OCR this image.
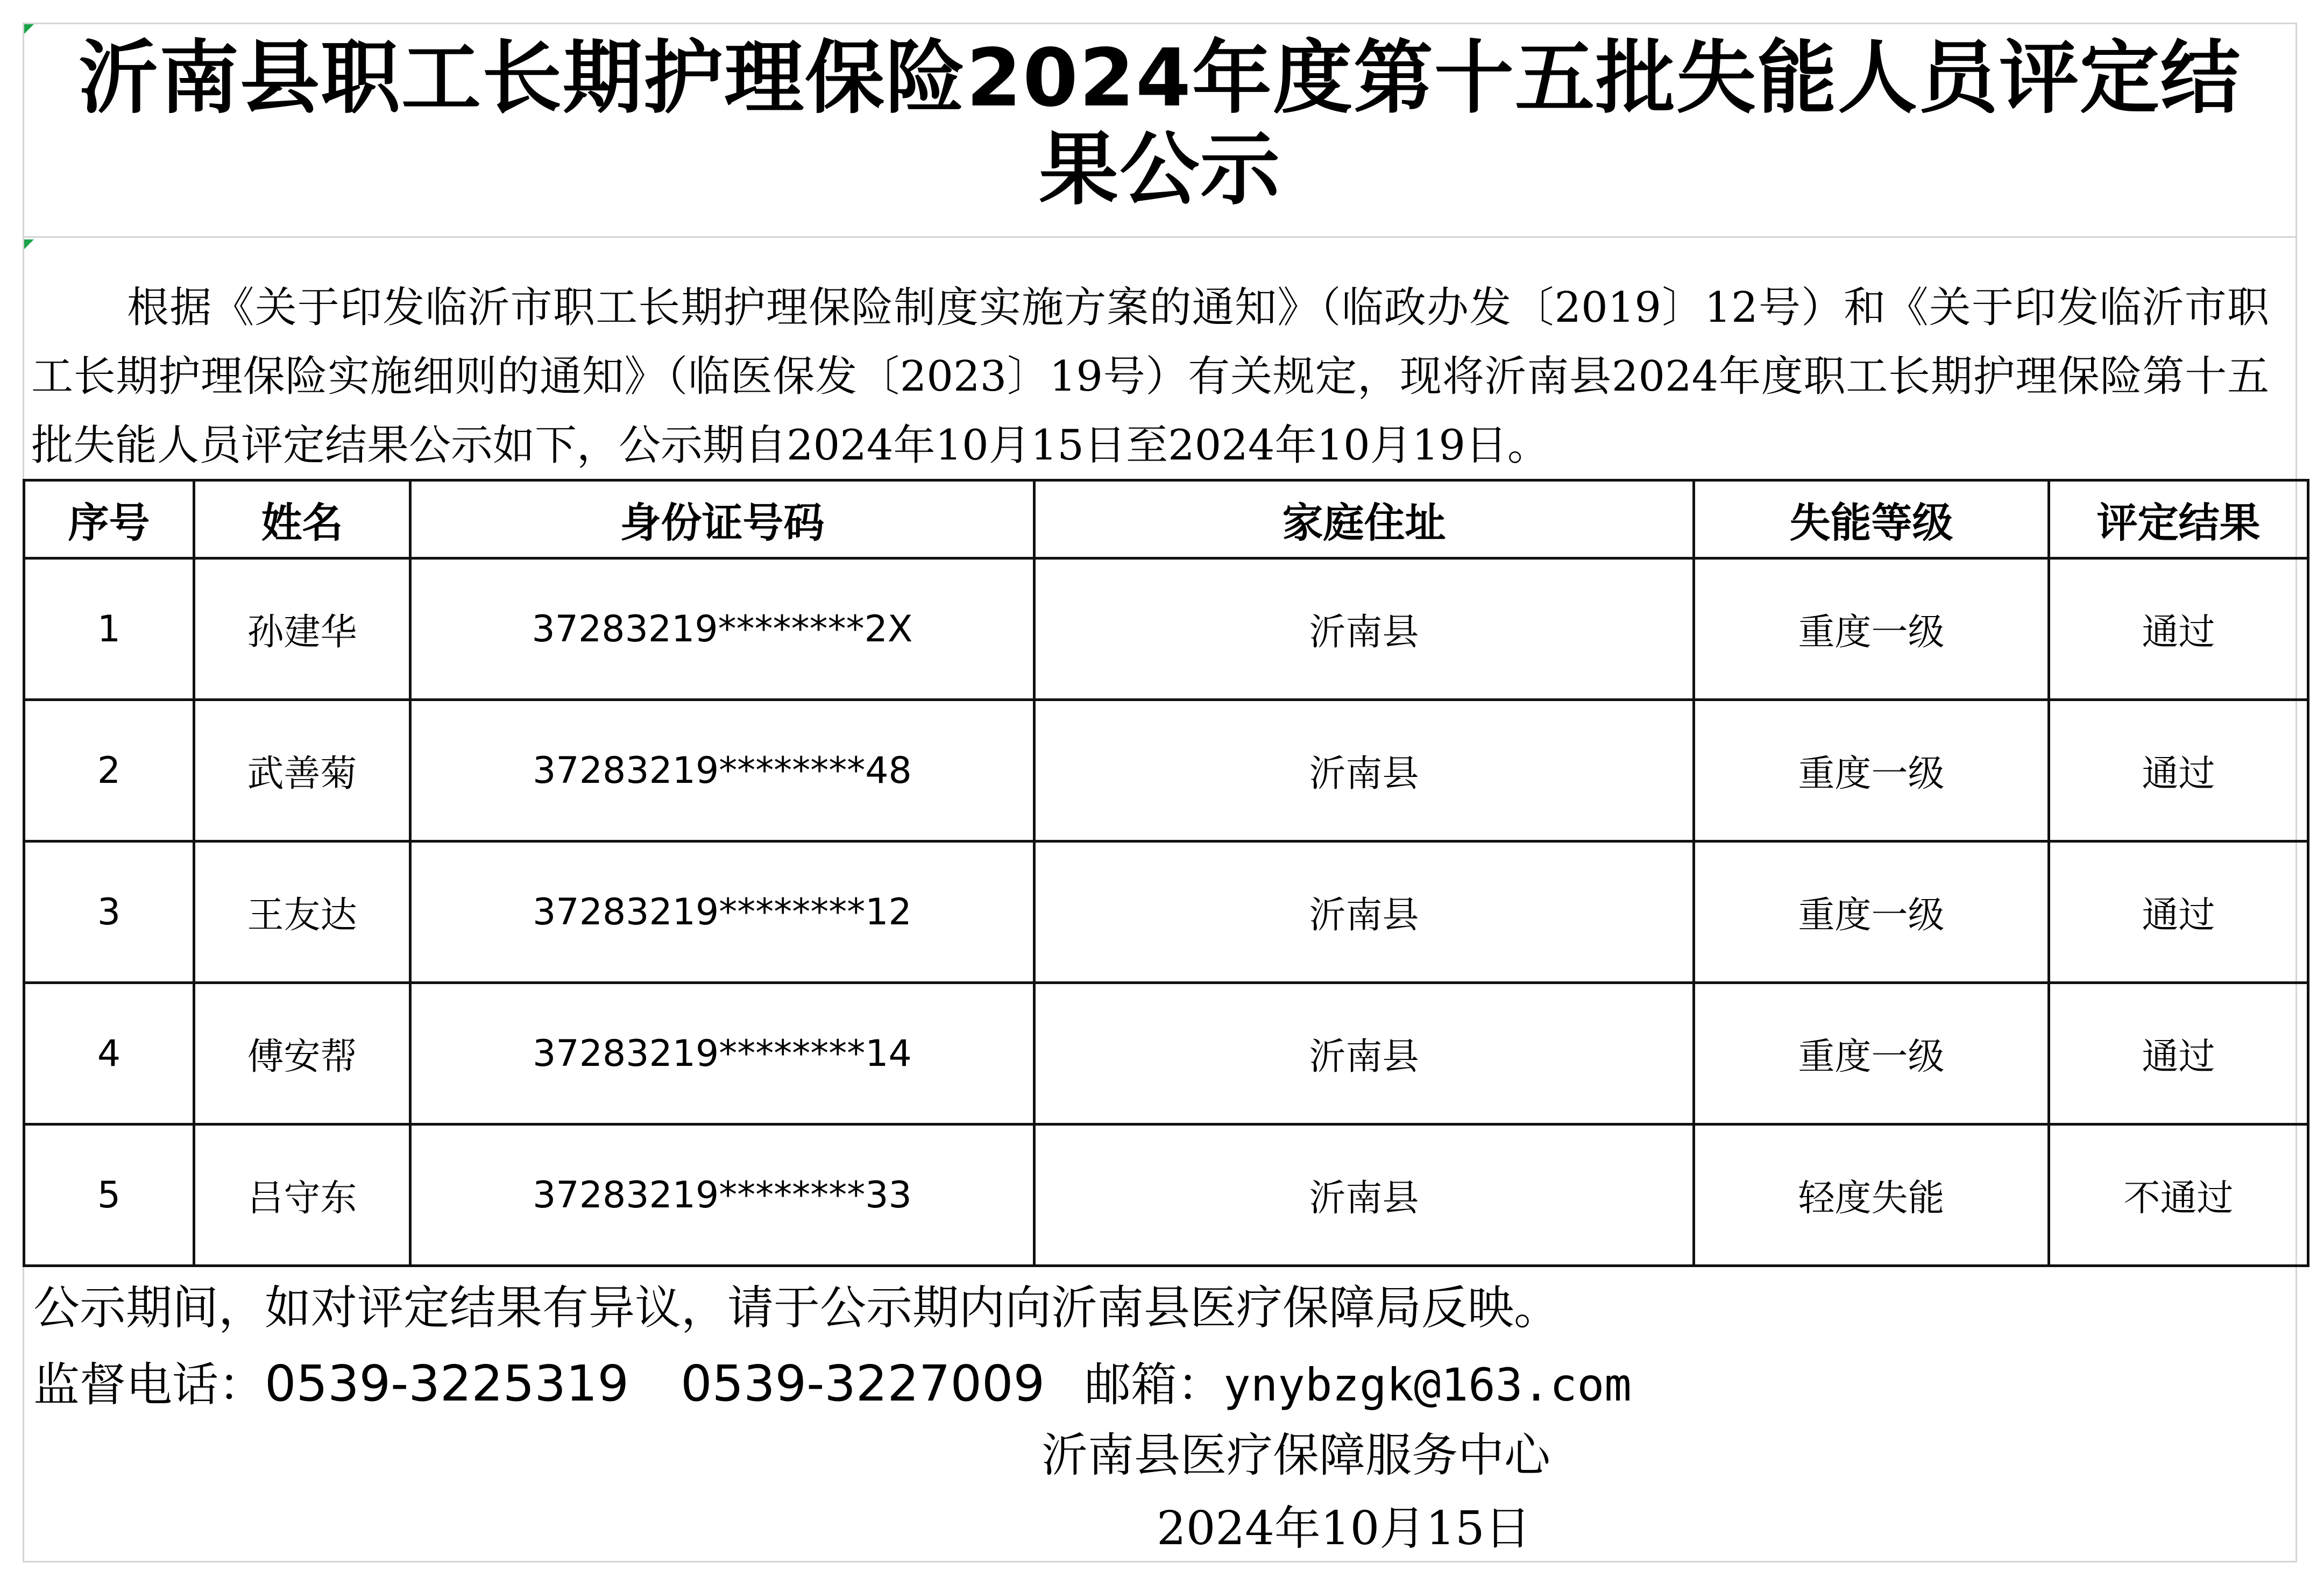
沂南县职工长期护理保险2024年度第十五批失能人员评定结果公示

根据《关于印发临沂市职工长期护理保险制度实施方案的通知》（临政办发〔2019〕12号）和《关于印发临沂市职工长期护理保险实施细则的通知》（临医保发〔2023〕19号）有关规定，现将沂南县2024年度职工长期护理保险第十五批失能人员评定结果公示如下，公示期自2024年10月15日至2024年10月19日。

序号	姓名	身份证号码	家庭住址	失能等级	评定结果
1	孙建华	37283219********2X	沂南县	重度一级	通过
2	武善菊	37283219********48	沂南县	重度一级	通过
3	王友达	37283219********12	沂南县	重度一级	通过
4	傅安帮	37283219********14	沂南县	重度一级	通过
5	吕守东	37283219********33	沂南县	轻度失能	不通过

公示期间，如对评定结果有异议，请于公示期内向沂南县医疗保障局反映。

监督电话：0539-3225319 0539-3227009 邮箱：ynybzgk@163.com

沂南县医疗保障服务中心

2024年10月15日
